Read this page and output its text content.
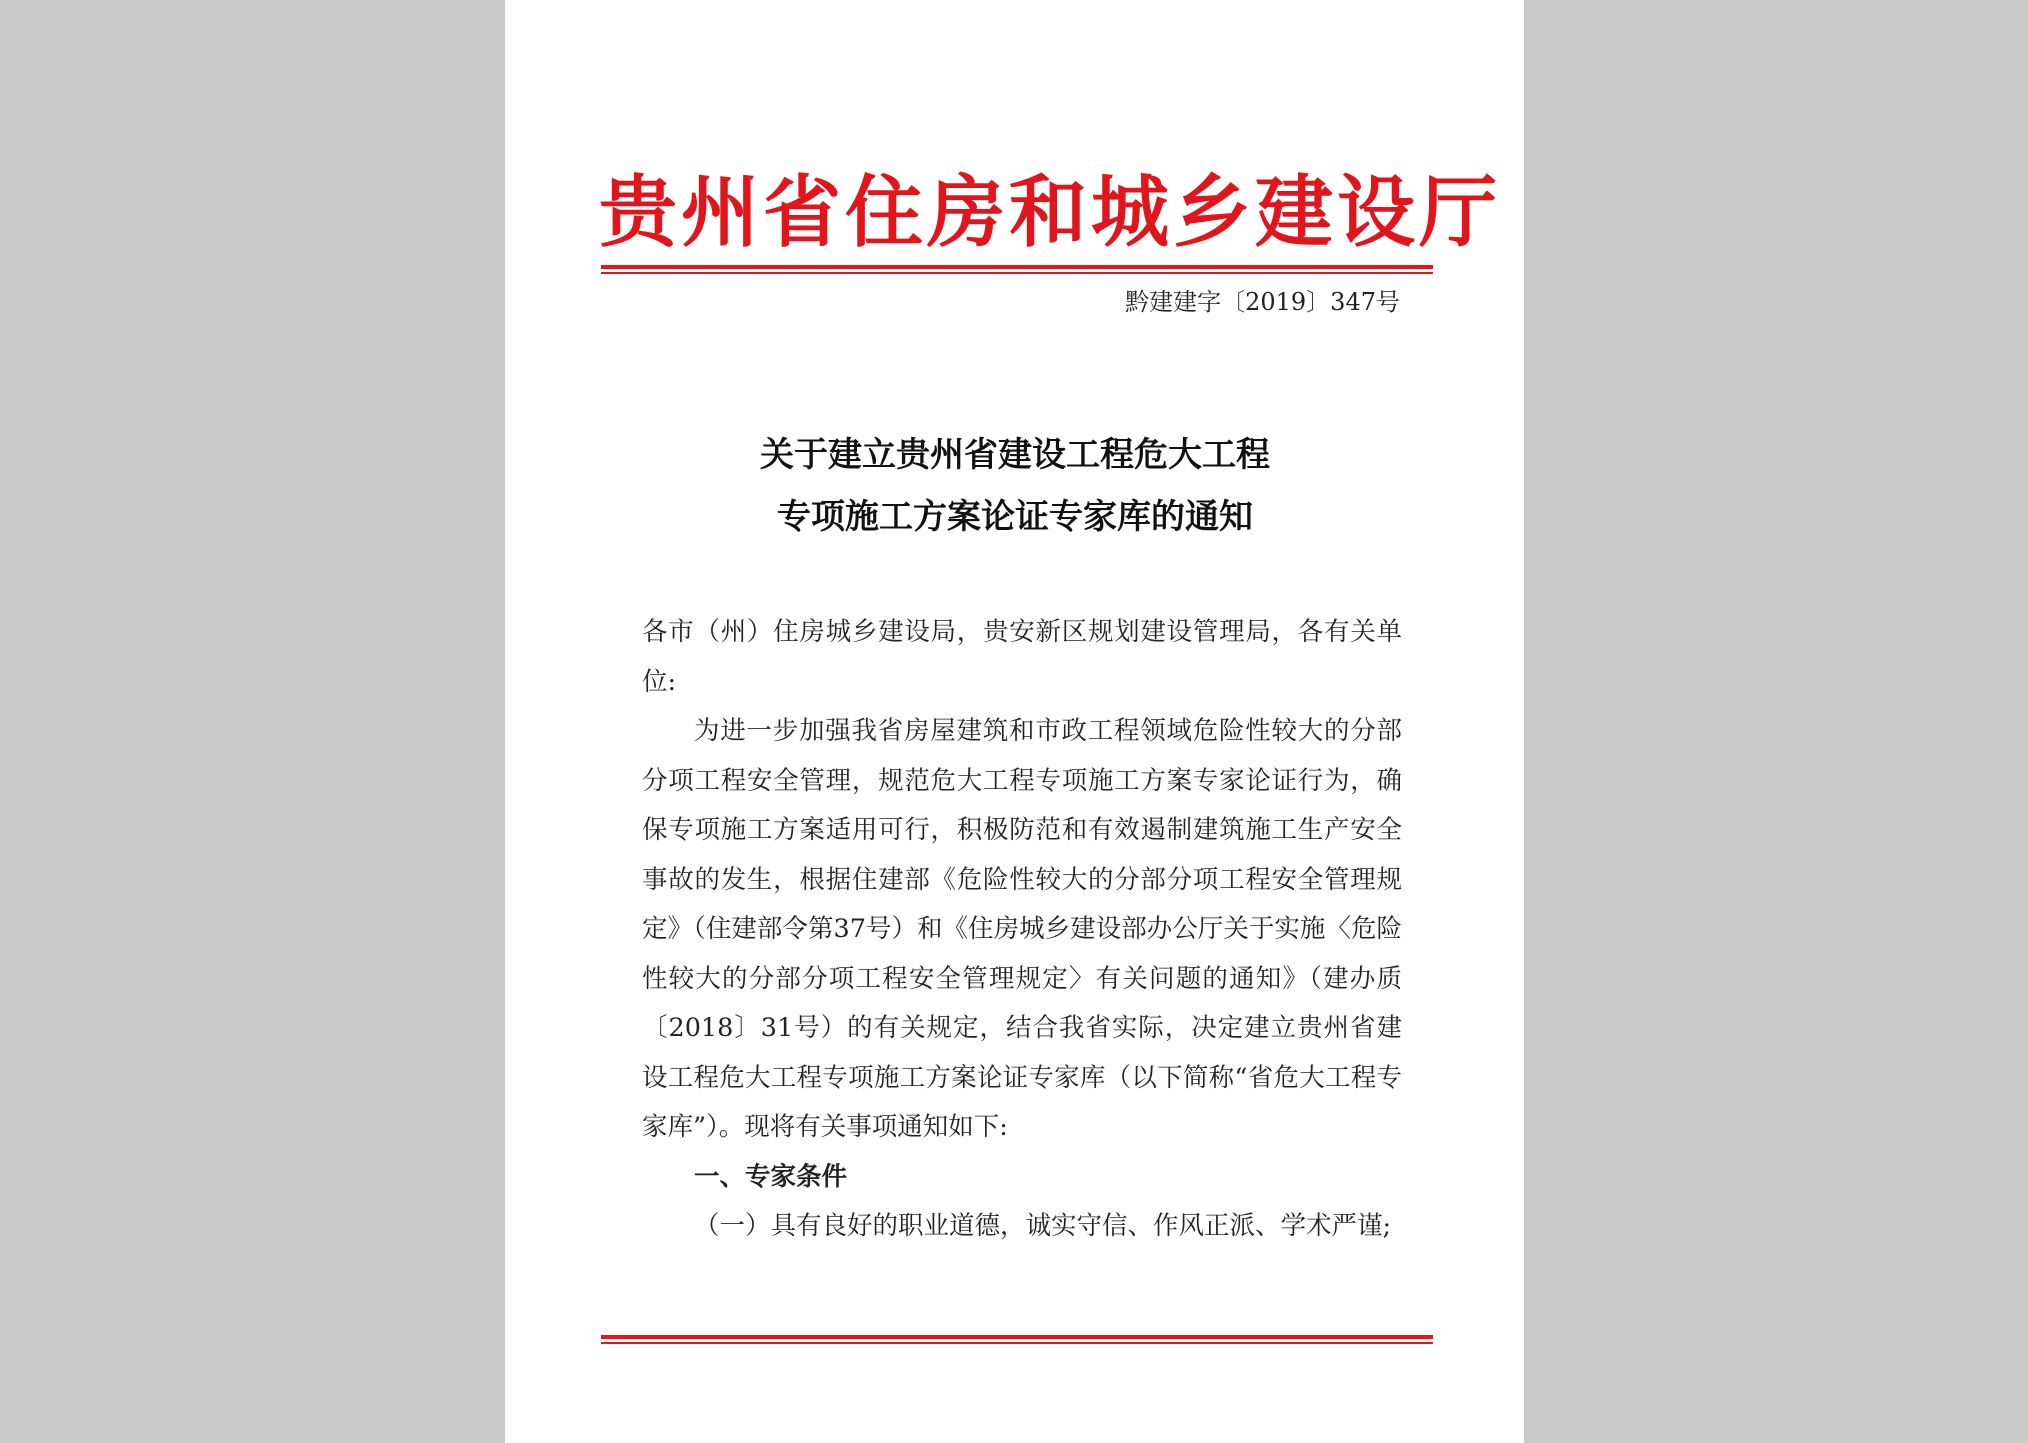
贵州省住房和城乡建设厅
黔建建字〔2019〕347号
关于建立贵州省建设工程危大工程
专项施工方案论证专家库的通知

各市（州）住房城乡建设局，贵安新区规划建设管理局，各有关单位:

为进一步加强我省房屋建筑和市政工程领域危险性较大的分部分项工程安全管理，规范危大工程专项施工方案专家论证行为，确保专项施工方案适用可行，积极防范和有效遏制建筑施工生产安全事故的发生，根据住建部《危险性较大的分部分项工程安全管理规定》（住建部令第37号）和《住房城乡建设部办公厅关于实施〈危险性较大的分部分项工程安全管理规定〉有关问题的通知》（建办质〔2018〕31号）的有关规定，结合我省实际，决定建立贵州省建设工程危大工程专项施工方案论证专家库（以下简称“省危大工程专家库”）。现将有关事项通知如下:

一、专家条件

（一）具有良好的职业道德，诚实守信、作风正派、学术严谨;
